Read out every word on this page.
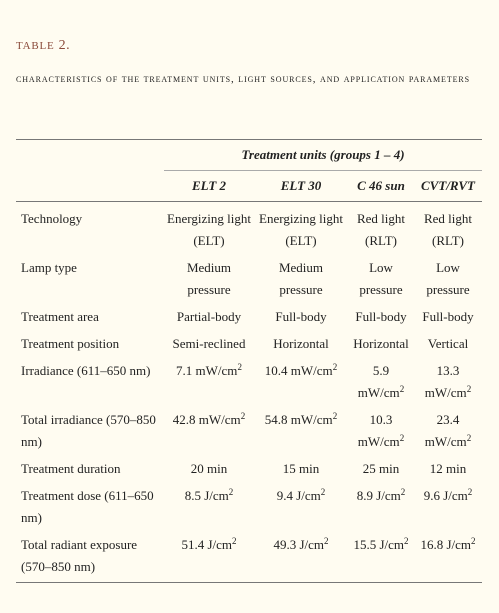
TABLE 2.

characteristics of the treatment units, light sources, and application parameters

	Treatment units (groups 1 – 4)			
	ELT 2	ELT 30	C 46 sun	CVT/RVT
Technology	Energizing light (ELT)	Energizing light (ELT)	Red light (RLT)	Red light (RLT)
Lamp type	Medium pressure	Medium pressure	Low pressure	Low pressure
Treatment area	Partial-body	Full-body	Full-body	Full-body
Treatment position	Semi-reclined	Horizontal	Horizontal	Vertical
Irradiance (611–650 nm)	7.1 $mW/cm^2$	10.4 $mW/cm^2$	5.9 $mW/cm^2$	13.3 $mW/cm^2$
Total irradiance (570–850 nm)	42.8 $mW/cm^2$	54.8 $mW/cm^2$	10.3 $mW/cm^2$	23.4 $mW/cm^2$
Treatment duration	20 min	15 min	25 min	12 min
Treatment dose (611–650 nm)	8.5 $J/cm^2$	9.4 $J/cm^2$	8.9 $J/cm^2$	9.6 $J/cm^2$
Total radiant exposure (570–850 nm)	51.4 $J/cm^2$	49.3 $J/cm^2$	15.5 $J/cm^2$	16.8 $J/cm^2$
